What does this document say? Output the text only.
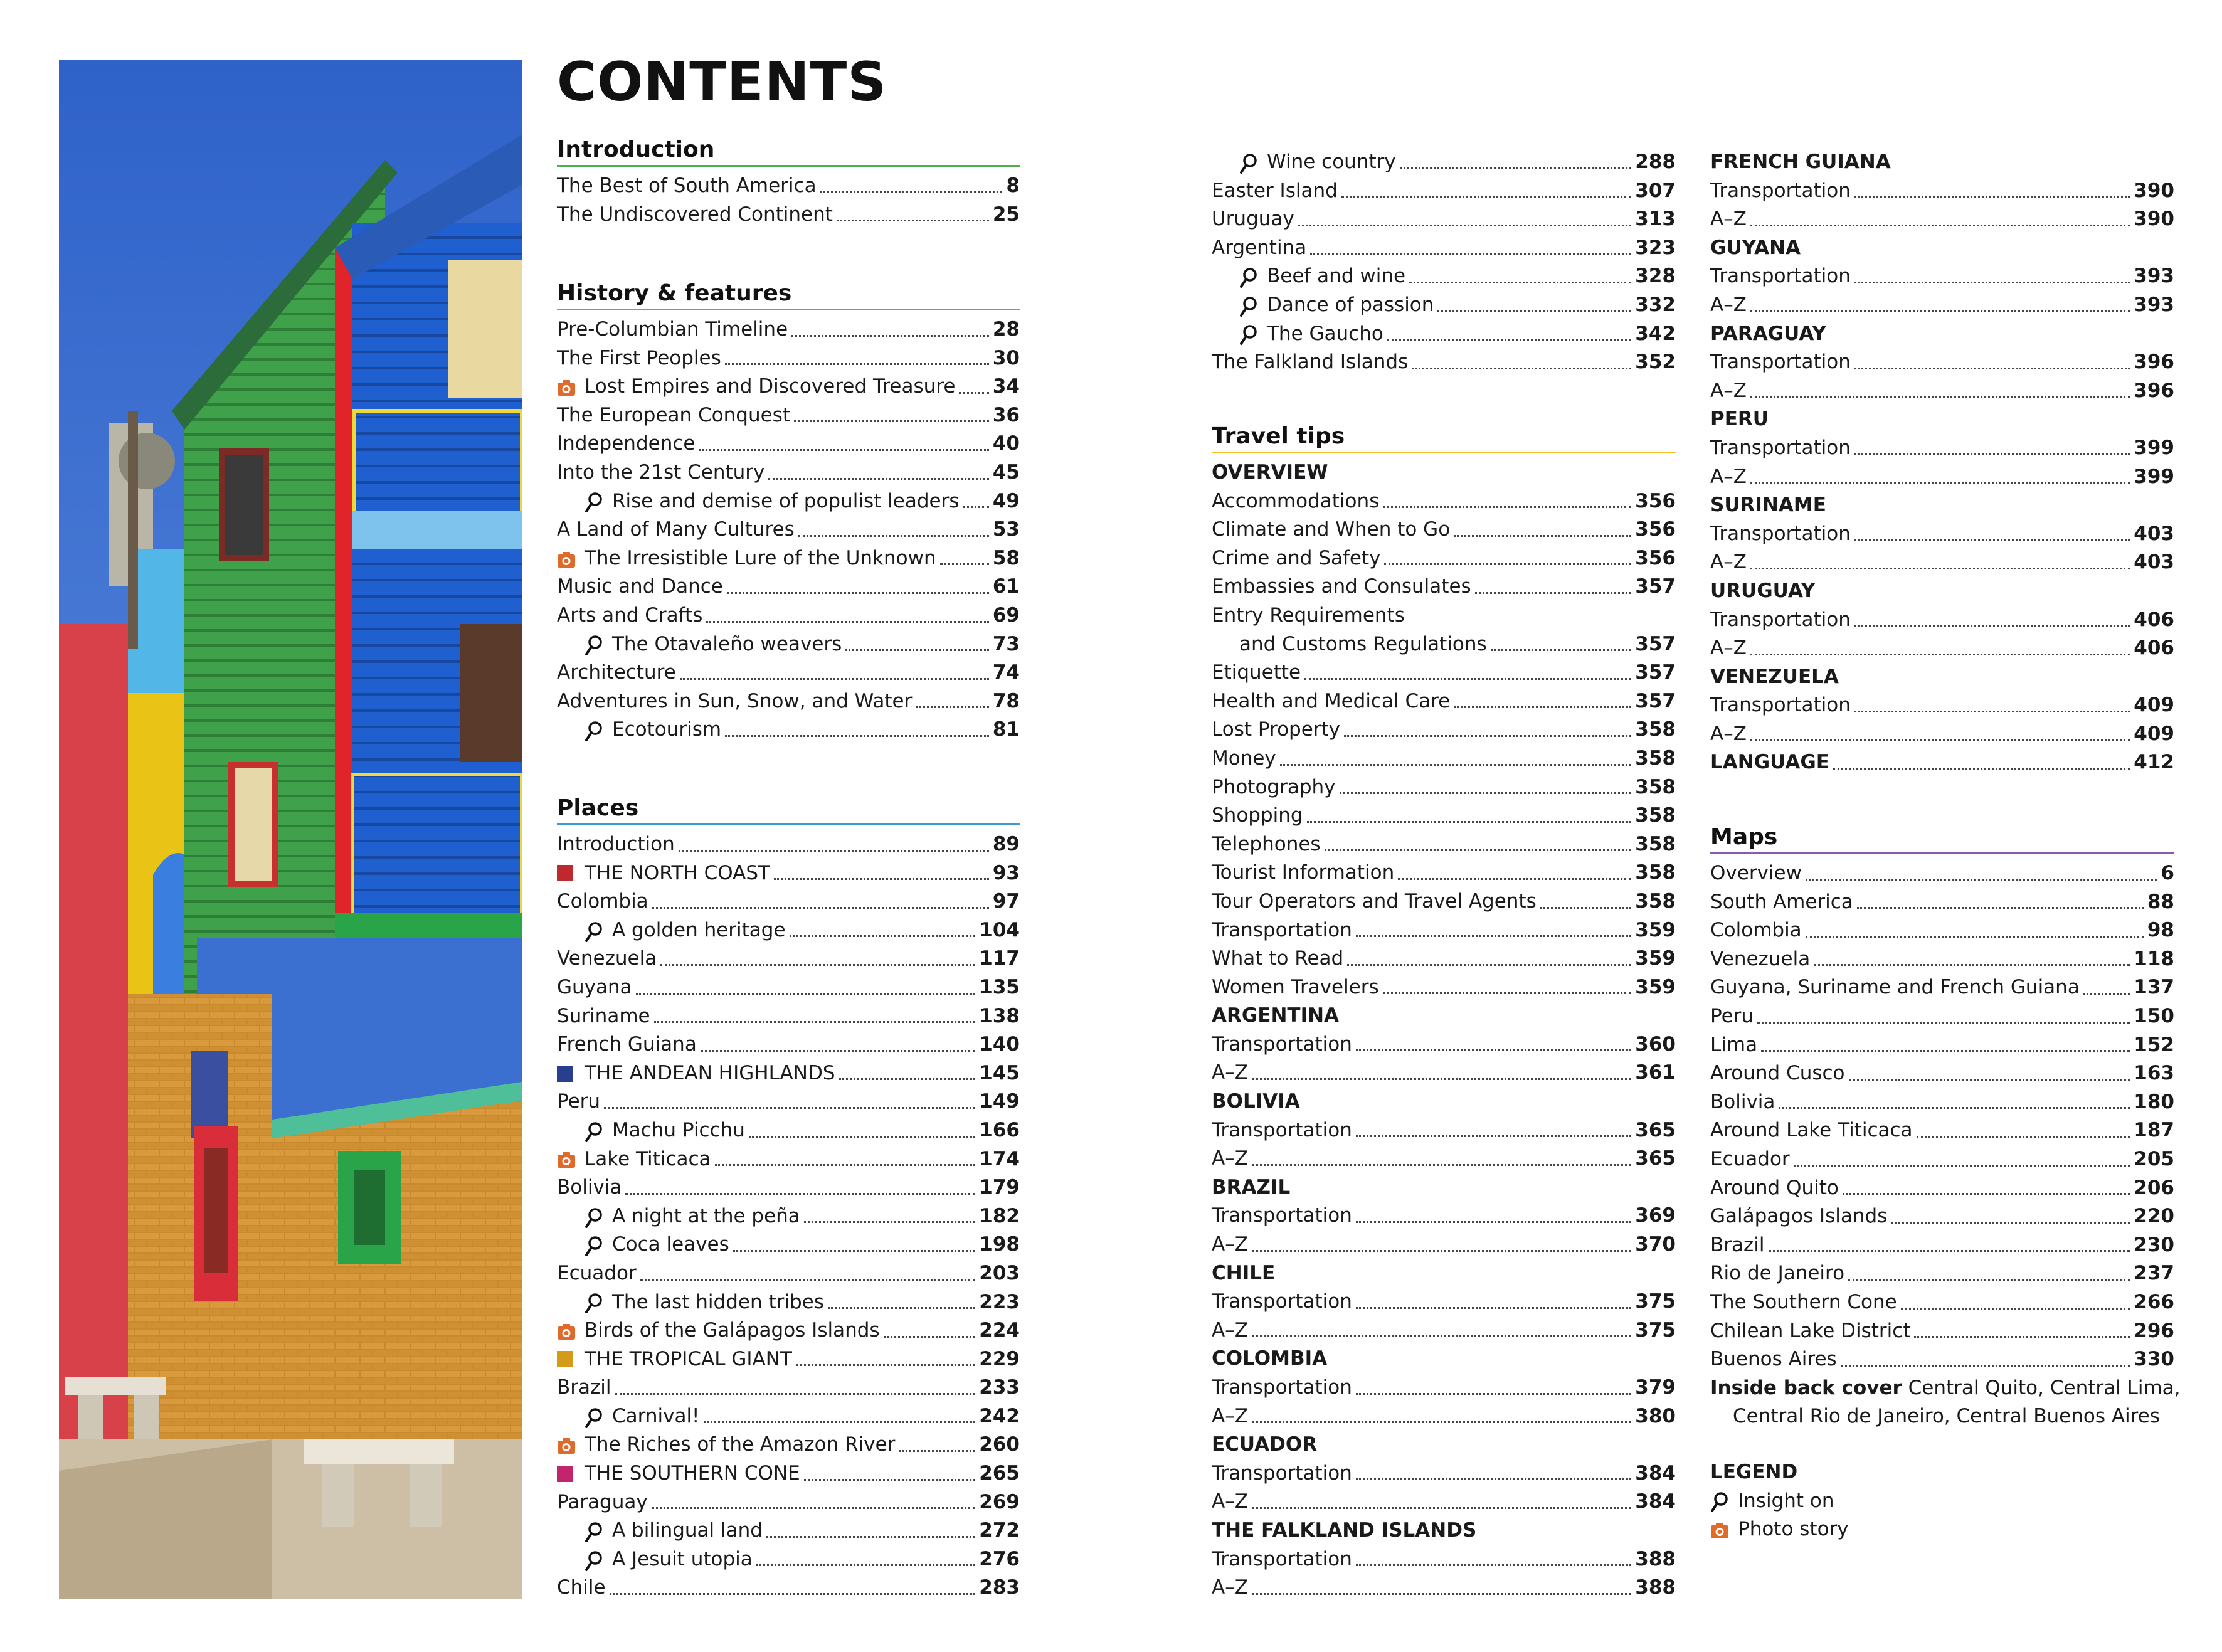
CONTENTS
Introduction
The Best of South America	8
The Undiscovered Continent	25
History & features
Pre-Columbian Timeline	28
The First Peoples	30
Lost Empires and Discovered Treasure 34
The European Conquest	36
Independence	40
Into the 21st Century	45
Rise and demise of populist leaders 49
A Land of Many Cultures	53
The Irresistible Lure of the Unknown	58
Music and Dance	61
Arts and Crafts	69
The Otavaleño weavers	73
Architecture	74
Adventures in Sun, Snow, and Water	78
Ecotourism	81
Places
Introduction	89
THE NORTH COAST	93
Colombia	97
A golden heritage	104
Venezuela	117
Guyana	135
Suriname	138
French Guiana	140
THE ANDEAN HIGHLANDS	145
Peru	149
Machu Picchu	166
Lake Titicaca	174
Bolivia	179
A night at the peña	182
Coca leaves	198
Ecuador	203
The last hidden tribes	223
Birds of the Galápagos Islands	224
THE TROPICAL GIANT	229
Brazil	233
Carnival!	242
The Riches of the Amazon River	260
THE SOUTHERN CONE	265
Paraguay	269
A bilingual land	272
A Jesuit utopia	276
Chile	283
Wine country	288
Easter Island	307
Uruguay	313
Argentina	323
Beef and wine	328
Dance of passion	332
The Gaucho	342
The Falkland Islands	352
Travel tips
OVERVIEW
Accommodations	356
Climate and When to Go	356
Crime and Safety	356
Embassies and Consulates	357
Entry Requirements
and Customs Regulations	357
Etiquette	357
Health and Medical Care	357
Lost Property	358
Money	358
Photography	358
Shopping	358
Telephones	358
Tourist Information	358
Tour Operators and Travel Agents	358
Transportation	359
What to Read	359
Women Travelers	359
ARGENTINA
Transportation	360
A–Z	361
BOLIVIA
Transportation	365
A–Z	365
BRAZIL
Transportation	369
A–Z	370
CHILE
Transportation	375
A–Z	375
COLOMBIA
Transportation	379
A–Z	380
ECUADOR
Transportation	384
A–Z	384
THE FALKLAND ISLANDS
Transportation	388
A–Z	388
FRENCH GUIANA
Transportation	390
A–Z	390
GUYANA
Transportation	393
A–Z	393
PARAGUAY
Transportation	396
A–Z	396
PERU
Transportation	399
A–Z	399
SURINAME
Transportation	403
A–Z	403
URUGUAY
Transportation	406
A–Z	406
VENEZUELA
Transportation	409
A–Z	409
LANGUAGE	412
Maps
Overview	6
South America	88
Colombia	98
Venezuela	118
Guyana, Suriname and French Guiana	137
Peru	150
Lima	152
Around Cusco	163
Bolivia	180
Around Lake Titicaca	187
Ecuador	205
Around Quito	206
Galápagos Islands	220
Brazil	230
Rio de Janeiro	237
The Southern Cone	266
Chilean Lake District	296
Buenos Aires	330
Inside back cover Central Quito, Central Lima,
Central Rio de Janeiro, Central Buenos Aires
LEGEND
Insight on
Photo story
